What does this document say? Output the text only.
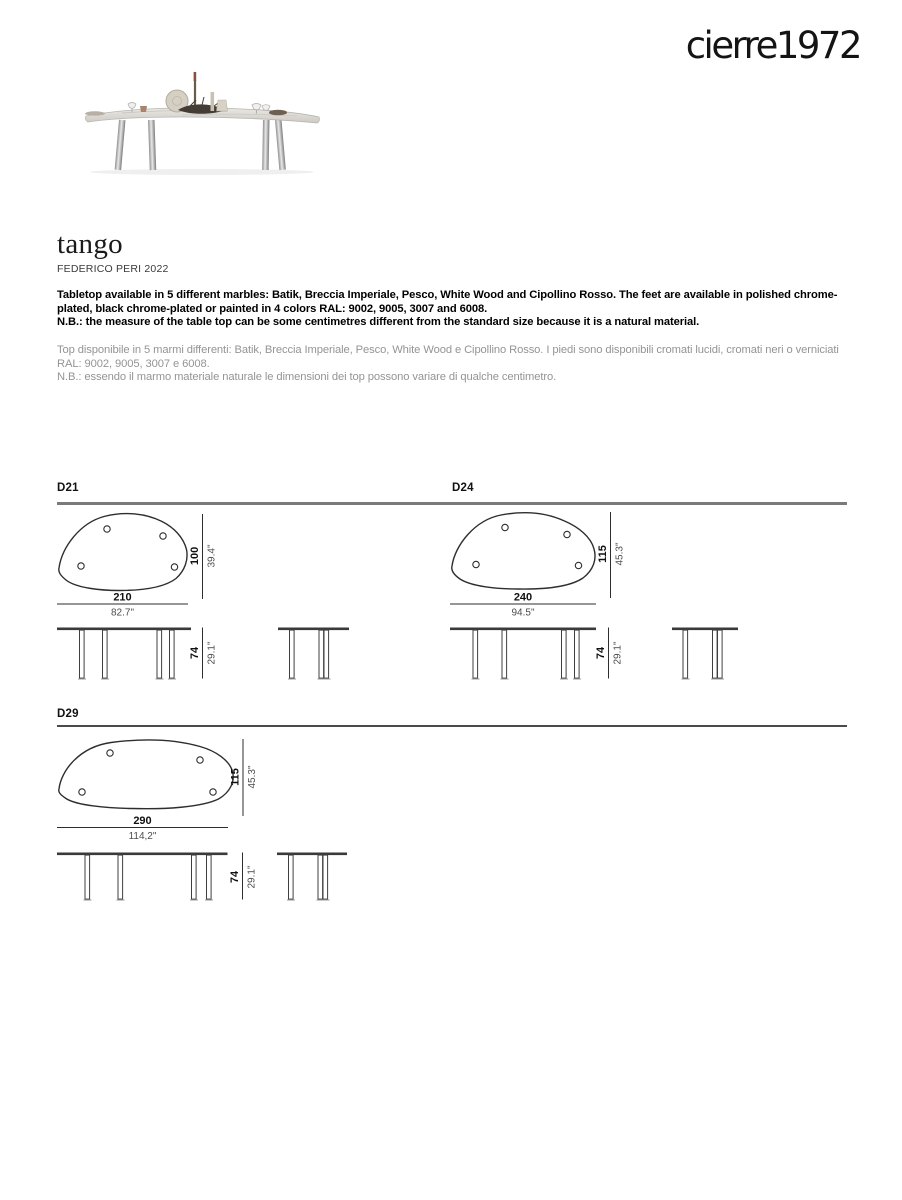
cierre1972
tango
FEDERICO PERI 2022
Tabletop available in 5 different marbles: Batik, Breccia Imperiale, Pesco, White Wood and Cipollino Rosso. The feet are available in polished chrome-
plated, black chrome-plated or painted in 4 colors RAL: 9002, 9005, 3007 and 6008.
N.B.: the measure of the table top can be some centimetres different from the standard size because it is a natural material.
Top disponibile in 5 marmi differenti: Batik, Breccia Imperiale, Pesco, White Wood e Cipollino Rosso. I piedi sono disponibili cromati lucidi, cromati neri o verniciati
RAL: 9002, 9005, 3007 e 6008.
N.B.: essendo il marmo materiale naturale le dimensioni dei top possono variare di qualche centimetro.
D21	D24
D29
100 39.4"
210
82.7"
74 29.1"
115 45.3"
240
94.5"
74 29.1"
115 45.3"
290
114,2"
74 29.1"
